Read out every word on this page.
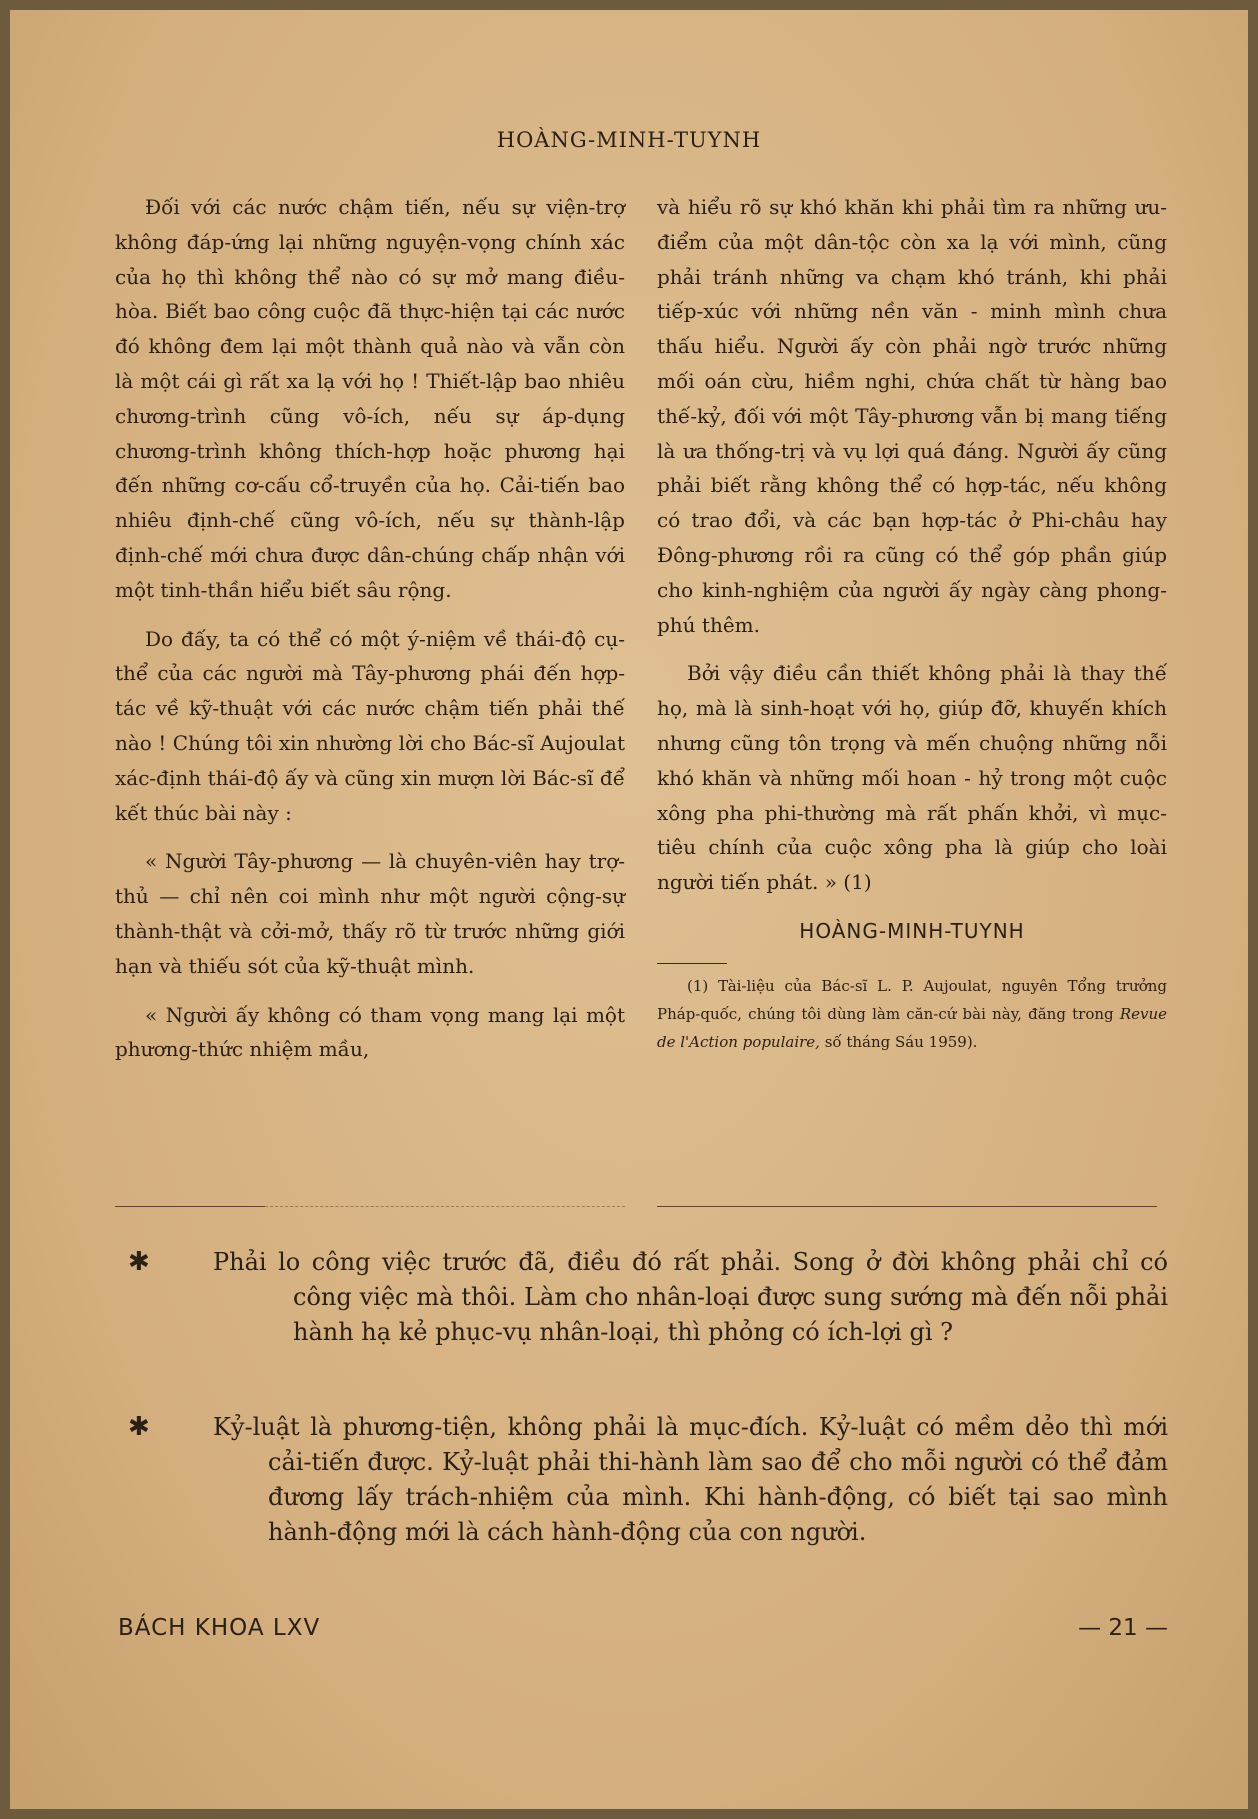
HOÀNG-MINH-TUYNH

Đối với các nước chậm tiến, nếu sự viện-trợ không đáp-ứng lại những nguyện-vọng chính xác của họ thì không thể nào có sự mở mang điều-hòa. Biết bao công cuộc đã thực-hiện tại các nước đó không đem lại một thành quả nào và vẫn còn là một cái gì rất xa lạ với họ ! Thiết-lập bao nhiêu chương-trình cũng vô-ích, nếu sự áp-dụng chương-trình không thích-hợp hoặc phương hại đến những cơ-cấu cổ-truyền của họ. Cải-tiến bao nhiêu định-chế cũng vô-ích, nếu sự thành-lập định-chế mới chưa được dân-chúng chấp nhận với một tinh-thần hiểu biết sâu rộng.

Do đấy, ta có thể có một ý-niệm về thái-độ cụ-thể của các người mà Tây-phương phái đến hợp-tác về kỹ-thuật với các nước chậm tiến phải thế nào ! Chúng tôi xin nhường lời cho Bác-sĩ Aujoulat xác-định thái-độ ấy và cũng xin mượn lời Bác-sĩ để kết thúc bài này :

« Người Tây-phương — là chuyên-viên hay trợ-thủ — chỉ nên coi mình như một người cộng-sự thành-thật và cởi-mở, thấy rõ từ trước những giới hạn và thiếu sót của kỹ-thuật mình.

« Người ấy không có tham vọng mang lại một phương-thức nhiệm mầu,

và hiểu rõ sự khó khăn khi phải tìm ra những ưu-điểm của một dân-tộc còn xa lạ với mình, cũng phải tránh những va chạm khó tránh, khi phải tiếp-xúc với những nền văn - minh mình chưa thấu hiểu. Người ấy còn phải ngờ trước những mối oán cừu, hiềm nghi, chứa chất từ hàng bao thế-kỷ, đối với một Tây-phương vẫn bị mang tiếng là ưa thống-trị và vụ lợi quá đáng. Người ấy cũng phải biết rằng không thể có hợp-tác, nếu không có trao đổi, và các bạn hợp-tác ở Phi-châu hay Đông-phương rồi ra cũng có thể góp phần giúp cho kinh-nghiệm của người ấy ngày càng phong-phú thêm.

Bởi vậy điều cần thiết không phải là thay thế họ, mà là sinh-hoạt với họ, giúp đỡ, khuyến khích nhưng cũng tôn trọng và mến chuộng những nỗi khó khăn và những mối hoan - hỷ trong một cuộc xông pha phi-thường mà rất phấn khởi, vì mục-tiêu chính của cuộc xông pha là giúp cho loài người tiến phát. » (1)

HOÀNG-MINH-TUYNH
(1) Tài-liệu của Bác-sĩ L. P. Aujoulat, nguyên Tổng trưởng Pháp-quốc, chúng tôi dùng làm căn-cứ bài này, đăng trong Revue de l'Action populaire, số tháng Sáu 1959).
✱	Phải lo công việc trước đã, điều đó rất phải. Song ở đời không phải chỉ có công việc mà thôi. Làm cho nhân-loại được sung sướng mà đến nỗi phải hành hạ kẻ phục-vụ nhân-loại, thì phỏng có ích-lợi gì ?
✱	Kỷ-luật là phương-tiện, không phải là mục-đích. Kỷ-luật có mềm dẻo thì mới cải-tiến được. Kỷ-luật phải thi-hành làm sao để cho mỗi người có thể đảm đương lấy trách-nhiệm của mình. Khi hành-động, có biết tại sao mình hành-động mới là cách hành-động của con người.
BÁCH KHOA LXV	— 21 —
